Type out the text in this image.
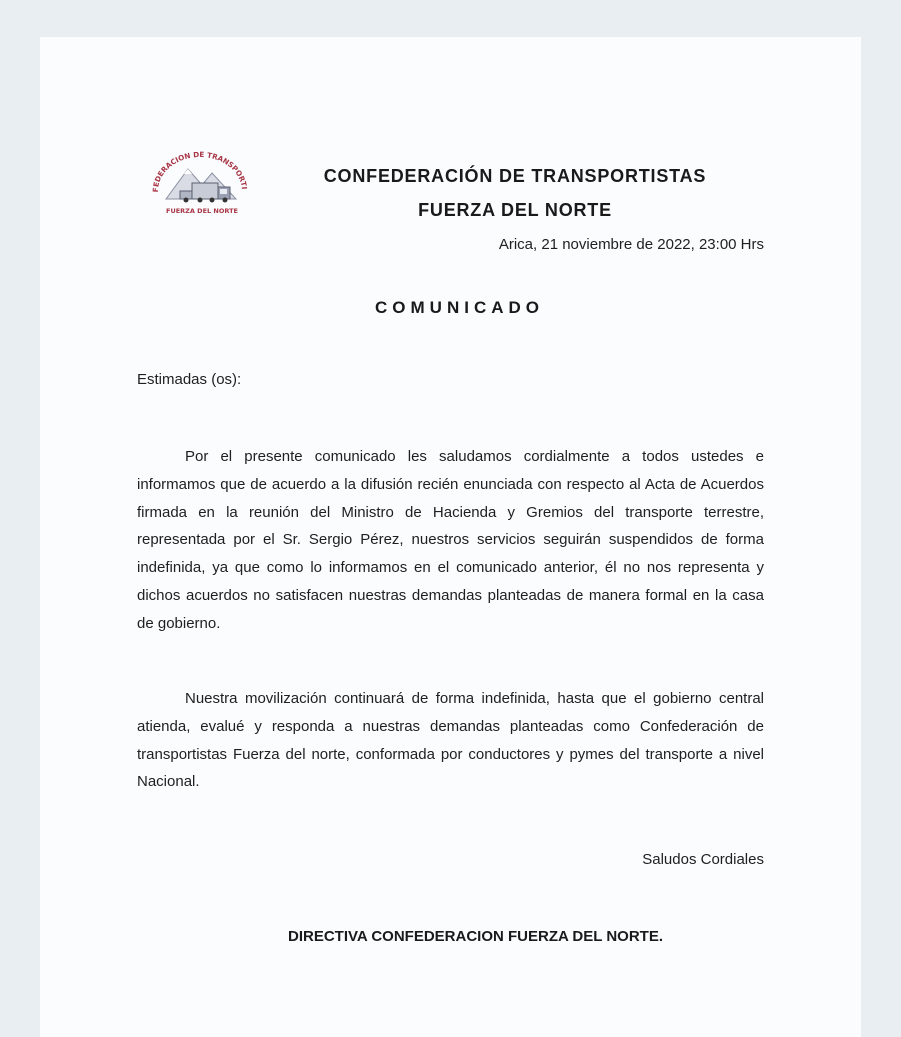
FEDERACION DE TRANSPORTI
FUERZA DEL NORTE
CONFEDERACIÓN DE TRANSPORTISTAS
FUERZA DEL NORTE
Arica, 21 noviembre de 2022, 23:00 Hrs
COMUNICADO
Estimadas (os):

Por el presente comunicado les saludamos cordialmente a todos ustedes e informamos que de acuerdo a la difusión recién enunciada con respecto al Acta de Acuerdos firmada en la reunión del Ministro de Hacienda y Gremios del transporte terrestre, representada por el Sr. Sergio Pérez, nuestros servicios seguirán suspendidos de forma indefinida, ya que como lo informamos en el comunicado anterior, él no nos representa y dichos acuerdos no satisfacen nuestras demandas planteadas de manera formal en la casa de gobierno.

Nuestra movilización continuará de forma indefinida, hasta que el gobierno central atienda, evalué y responda a nuestras demandas planteadas como Confederación de transportistas Fuerza del norte, conformada por conductores y pymes del transporte a nivel Nacional.

Saludos Cordiales
DIRECTIVA CONFEDERACION FUERZA DEL NORTE.
